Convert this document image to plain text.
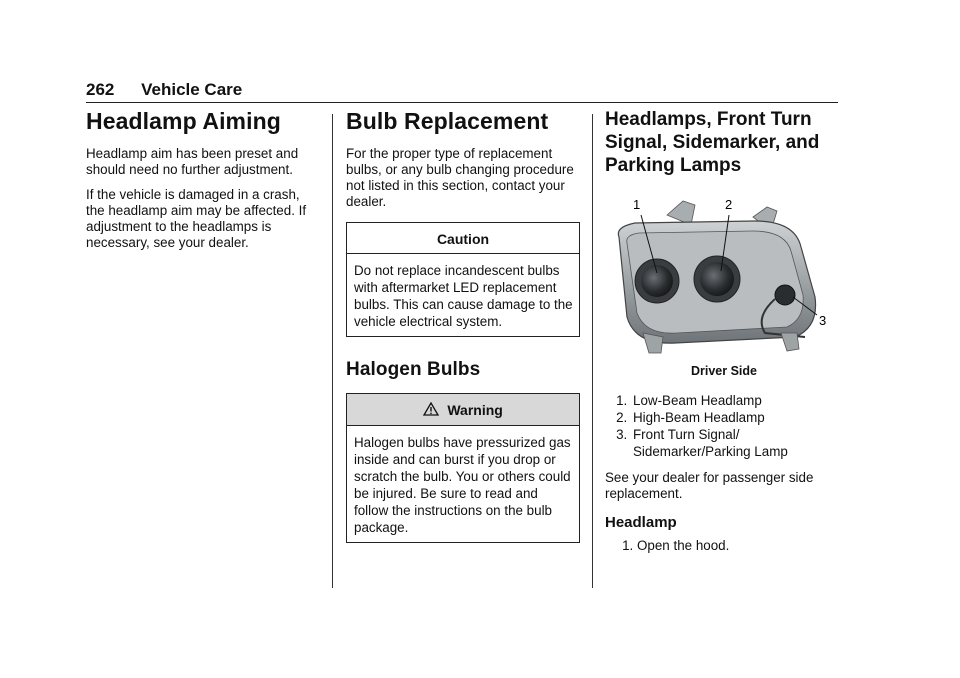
262 Vehicle Care
Headlamp Aiming

Headlamp aim has been preset and should need no further adjustment.

If the vehicle is damaged in a crash, the headlamp aim may be affected. If adjustment to the headlamps is necessary, see your dealer.

Bulb Replacement

For the proper type of replacement bulbs, or any bulb changing procedure not listed in this section, contact your dealer.

Caution
Do not replace incandescent bulbs with aftermarket LED replacement bulbs. This can cause damage to the vehicle electrical system.
Halogen Bulbs
Warning
Halogen bulbs have pressurized gas inside and can burst if you drop or scratch the bulb. You or others could be injured. Be sure to read and follow the instructions on the bulb package.
Headlamps, Front Turn Signal, Sidemarker, and Parking Lamps
1	2
3
Driver Side
1. Low-Beam Headlamp
2. High-Beam Headlamp
3. Front Turn Signal/ Sidemarker/Parking Lamp

See your dealer for passenger side replacement.

Headlamp
1. Open the hood.
